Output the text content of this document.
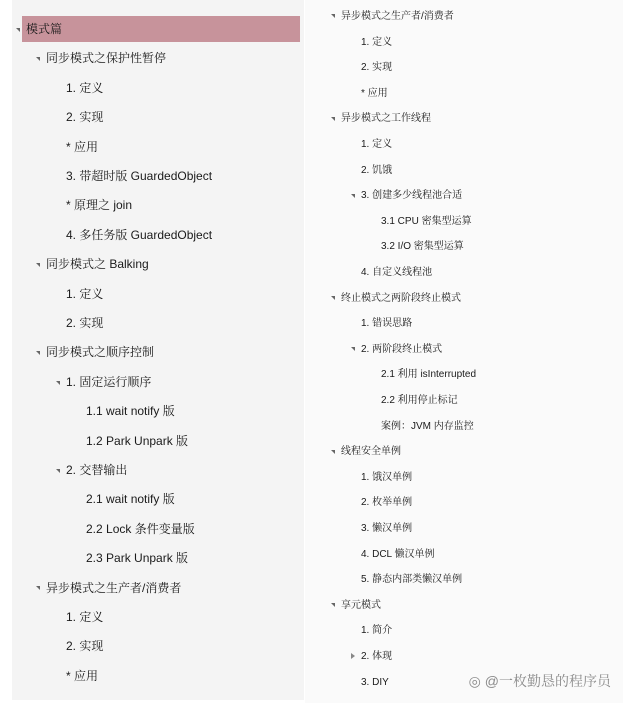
模式篇
同步模式之保护性暂停
1. 定义
2. 实现
* 应用
3. 带超时版 GuardedObject
* 原理之 join
4. 多任务版 GuardedObject
同步模式之 Balking
1. 定义
2. 实现
同步模式之顺序控制
1. 固定运行顺序
1.1 wait notify 版
1.2 Park Unpark 版
2. 交替输出
2.1 wait notify 版
2.2 Lock 条件变量版
2.3 Park Unpark 版
异步模式之生产者/消费者
1. 定义
2. 实现
* 应用
异步模式之生产者/消费者
1. 定义
2. 实现
* 应用
异步模式之工作线程
1. 定义
2. 饥饿
3. 创建多少线程池合适
3.1 CPU 密集型运算
3.2 I/O 密集型运算
4. 自定义线程池
终止模式之两阶段终止模式
1. 错误思路
2. 两阶段终止模式
2.1 利用 isInterrupted
2.2 利用停止标记
案例：JVM 内存监控
线程安全单例
1. 饿汉单例
2. 枚举单例
3. 懒汉单例
4. DCL 懒汉单例
5. 静态内部类懒汉单例
享元模式
1. 简介
2. 体现
3. DIY	◎ @一枚勤恳的程序员
